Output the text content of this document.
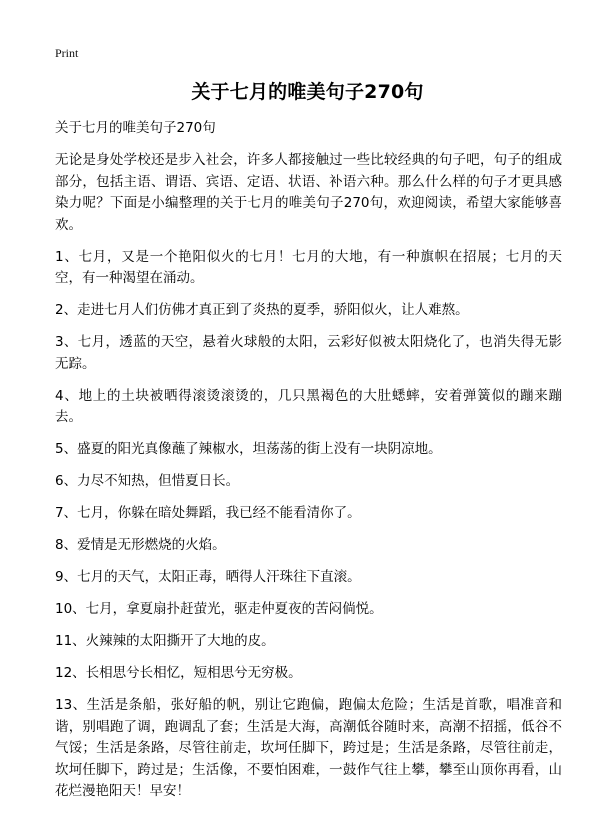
Print
关于七月的唯美句子270句
关于七月的唯美句子270句

无论是身处学校还是步入社会，许多人都接触过一些比较经典的句子吧，句子的组成部分，包括主语、谓语、宾语、定语、状语、补语六种。那么什么样的句子才更具感染力呢？下面是小编整理的关于七月的唯美句子270句，欢迎阅读，希望大家能够喜欢。

1、七月，又是一个艳阳似火的七月！七月的大地，有一种旗帜在招展；七月的天空，有一种渴望在涌动。

2、走进七月人们仿佛才真正到了炎热的夏季，骄阳似火，让人难熬。

3、七月，透蓝的天空，悬着火球般的太阳，云彩好似被太阳烧化了，也消失得无影无踪。

4、地上的土块被晒得滚烫滚烫的，几只黑褐色的大肚蟋蟀，安着弹簧似的蹦来蹦去。

5、盛夏的阳光真像蘸了辣椒水，坦荡荡的街上没有一块阴凉地。

6、力尽不知热，但惜夏日长。

7、七月，你躲在暗处舞蹈，我已经不能看清你了。

8、爱情是无形燃烧的火焰。

9、七月的天气，太阳正毒，晒得人汗珠往下直滚。

10、七月，拿夏扇扑赶萤光，驱走仲夏夜的苦闷倘悦。

11、火辣辣的太阳撕开了大地的皮。

12、长相思兮长相忆，短相思兮无穷极。

13、生活是条船，张好船的帆，别让它跑偏，跑偏太危险；生活是首歌，唱准音和谐，别唱跑了调，跑调乱了套；生活是大海，高潮低谷随时来，高潮不招摇，低谷不气馁；生活是条路，尽管往前走，坎坷任脚下，跨过是；生活是条路，尽管往前走，坎坷任脚下，跨过是；生活像，不要怕困难，一鼓作气往上攀，攀至山顶你再看，山花烂漫艳阳天！早安！
